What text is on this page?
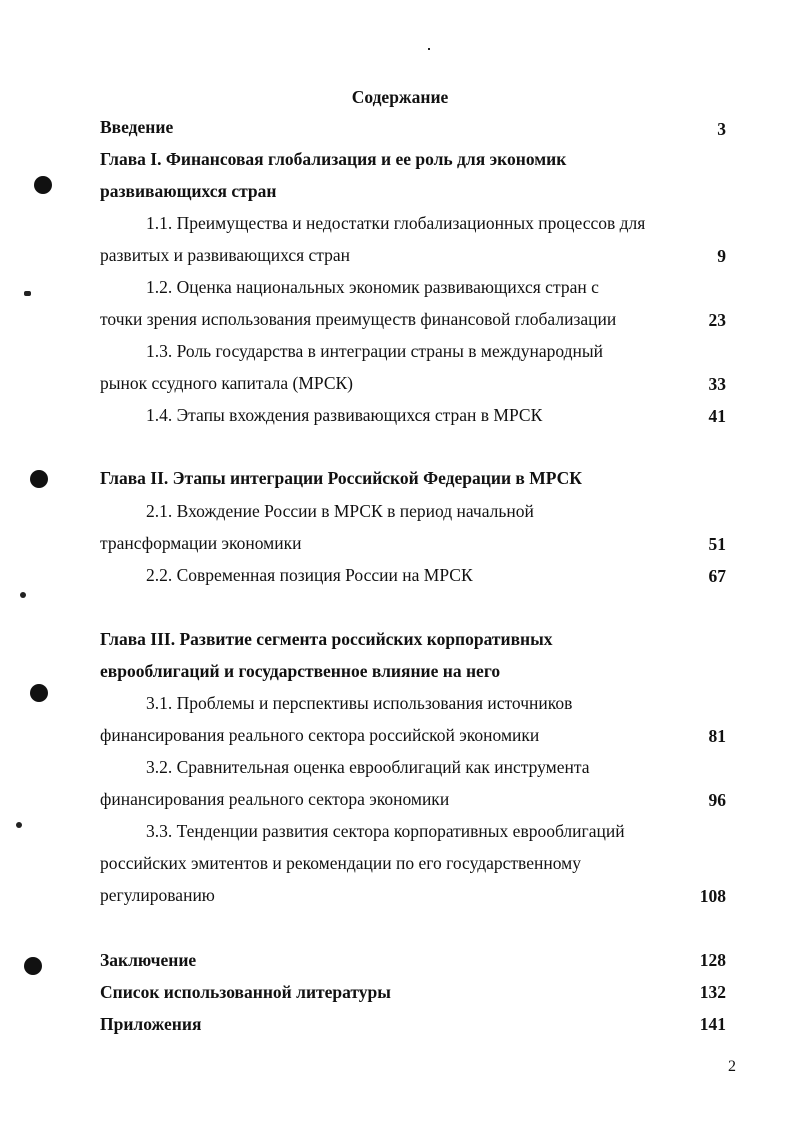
Содержание
Введение	3
Глава I. Финансовая глобализация и ее роль для экономик
развивающихся стран
1.1. Преимущества и недостатки глобализационных процессов для
развитых и развивающихся стран	9
1.2. Оценка национальных экономик развивающихся стран с
точки зрения использования преимуществ финансовой глобализации	23
1.3. Роль государства в интеграции страны в международный
рынок ссудного капитала (МРСК)	33
1.4. Этапы вхождения развивающихся стран в МРСК	41
Глава II. Этапы интеграции Российской Федерации в МРСК
2.1. Вхождение России в МРСК в период начальной
трансформации экономики	51
2.2. Современная позиция России на МРСК	67
Глава III. Развитие сегмента российских корпоративных
еврооблигаций и государственное влияние на него
3.1. Проблемы и перспективы использования источников
финансирования реального сектора российской экономики	81
3.2. Сравнительная оценка еврооблигаций как инструмента
финансирования реального сектора экономики	96
3.3. Тенденции развития сектора корпоративных еврооблигаций
российских эмитентов и рекомендации по его государственному
регулированию	108
Заключение	128
Список использованной литературы	132
Приложения	141
2
